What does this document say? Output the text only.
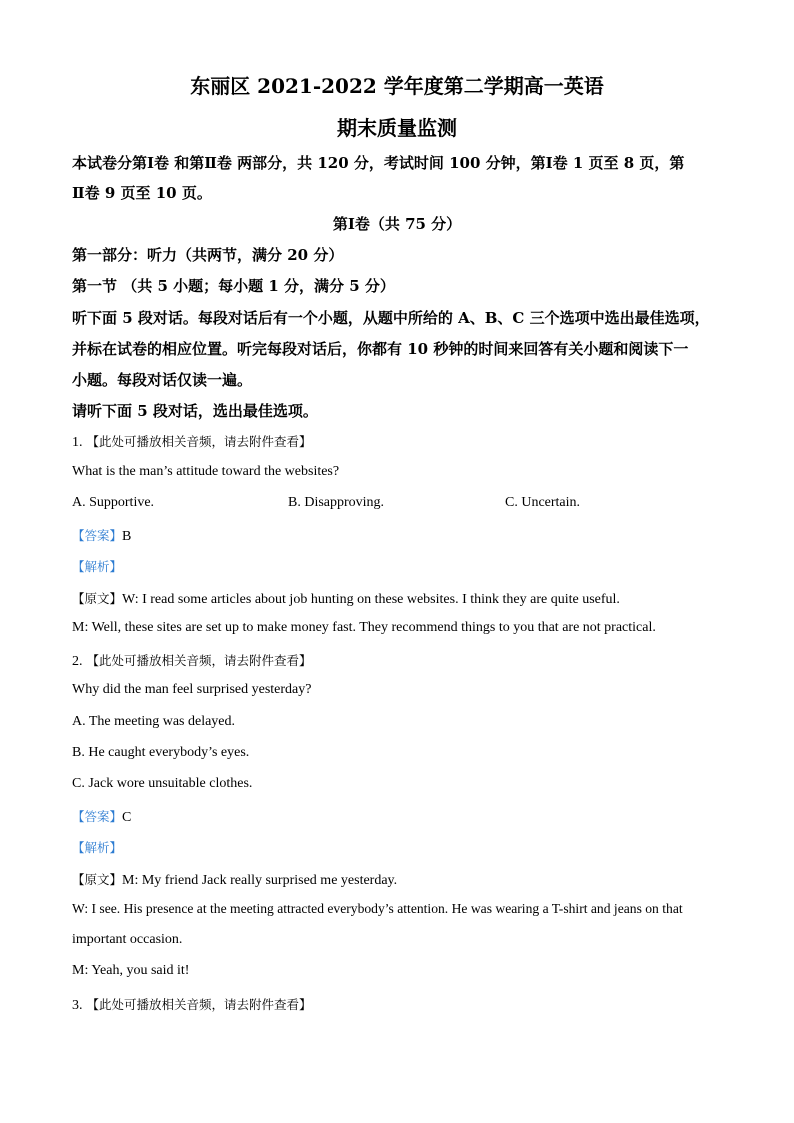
东丽区 2021-2022 学年度第二学期高一英语
期末质量监测
本试卷分第Ⅰ卷 和第Ⅱ卷 两部分，共 120 分，考试时间 100 分钟，第Ⅰ卷 1 页至 8 页，第
Ⅱ卷 9 页至 10 页。
第Ⅰ卷（共 75 分）
第一部分：听力（共两节，满分 20 分）
第一节 （共 5 小题；每小题 1 分，满分 5 分）
听下面 5 段对话。每段对话后有一个小题，从题中所给的 A、B、C 三个选项中选出最佳选项，
并标在试卷的相应位置。听完每段对话后，你都有 10 秒钟的时间来回答有关小题和阅读下一
小题。每段对话仅读一遍。
请听下面 5 段对话，选出最佳选项。
1. 【此处可播放相关音频，请去附件查看】
What is the man’s attitude toward the websites?
A. Supportive.	B. Disapproving.	C. Uncertain.
【答案】B
【解析】
【原文】W: I read some articles about job hunting on these websites. I think they are quite useful.
M: Well, these sites are set up to make money fast. They recommend things to you that are not practical.
2. 【此处可播放相关音频，请去附件查看】
Why did the man feel surprised yesterday?
A. The meeting was delayed.
B. He caught everybody’s eyes.
C. Jack wore unsuitable clothes.
【答案】C
【解析】
【原文】M: My friend Jack really surprised me yesterday.
W: I see. His presence at the meeting attracted everybody’s attention. He was wearing a T-shirt and jeans on that
important occasion.
M: Yeah, you said it!
3. 【此处可播放相关音频，请去附件查看】
